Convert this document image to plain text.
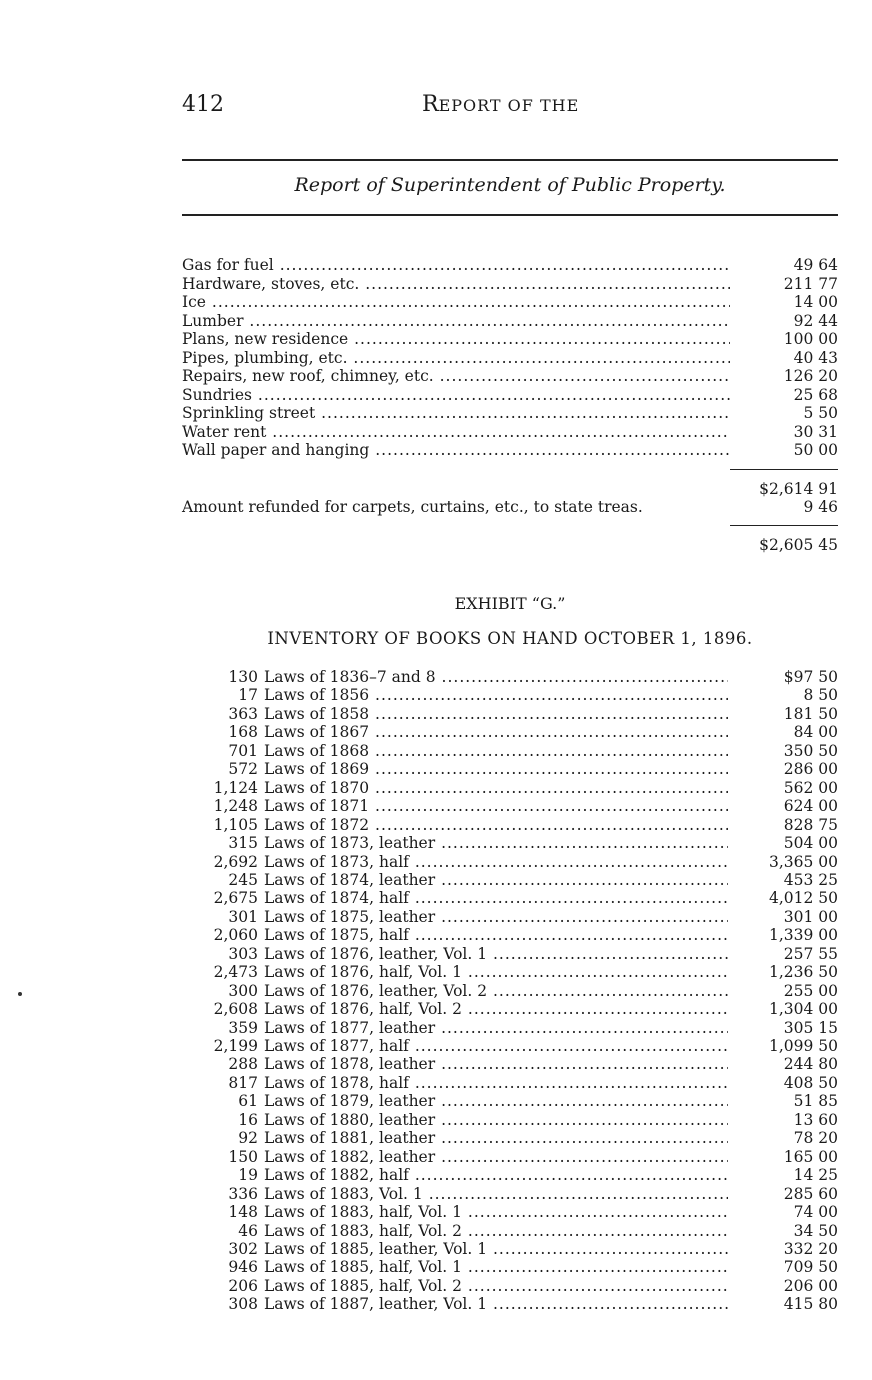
412	REPORT OF THE
Report of Superintendent of Public Property.
Gas for fuel .....	49 64
Hardware, stoves, etc. .....	211 77
Ice .....	14 00
Lumber .....	92 44
Plans, new residence .....	100 00
Pipes, plumbing, etc. .....	40 43
Repairs, new roof, chimney, etc. .....	126 20
Sundries .....	25 68
Sprinkling street .....	5 50
Water rent .....	30 31
Wall paper and hanging .....	50 00
$2,614 91
Amount refunded for carpets, curtains, etc., to state treas.	9 46
$2,605 45
EXHIBIT “G.”
INVENTORY OF BOOKS ON HAND OCTOBER 1, 1896.
130 Laws of 1836–7 and 8 .....	$97 50
17 Laws of 1856 .....	8 50
363 Laws of 1858 .....	181 50
168 Laws of 1867 .....	84 00
701 Laws of 1868 .....	350 50
572 Laws of 1869 .....	286 00
1,124 Laws of 1870 .....	562 00
1,248 Laws of 1871 .....	624 00
1,105 Laws of 1872 .....	828 75
315 Laws of 1873, leather .....	504 00
2,692 Laws of 1873, half .....	3,365 00
245 Laws of 1874, leather .....	453 25
2,675 Laws of 1874, half .....	4,012 50
301 Laws of 1875, leather .....	301 00
2,060 Laws of 1875, half .....	1,339 00
303 Laws of 1876, leather, Vol. 1 .....	257 55
2,473 Laws of 1876, half, Vol. 1 .....	1,236 50
300 Laws of 1876, leather, Vol. 2 .....	255 00
2,608 Laws of 1876, half, Vol. 2 .....	1,304 00
359 Laws of 1877, leather .....	305 15
2,199 Laws of 1877, half .....	1,099 50
288 Laws of 1878, leather .....	244 80
817 Laws of 1878, half .....	408 50
61 Laws of 1879, leather .....	51 85
16 Laws of 1880, leather .....	13 60
92 Laws of 1881, leather .....	78 20
150 Laws of 1882, leather .....	165 00
19 Laws of 1882, half .....	14 25
336 Laws of 1883, Vol. 1 .....	285 60
148 Laws of 1883, half, Vol. 1 .....	74 00
46 Laws of 1883, half, Vol. 2 .....	34 50
302 Laws of 1885, leather, Vol. 1 .....	332 20
946 Laws of 1885, half, Vol. 1 .....	709 50
206 Laws of 1885, half, Vol. 2 .....	206 00
308 Laws of 1887, leather, Vol. 1 .....	415 80
